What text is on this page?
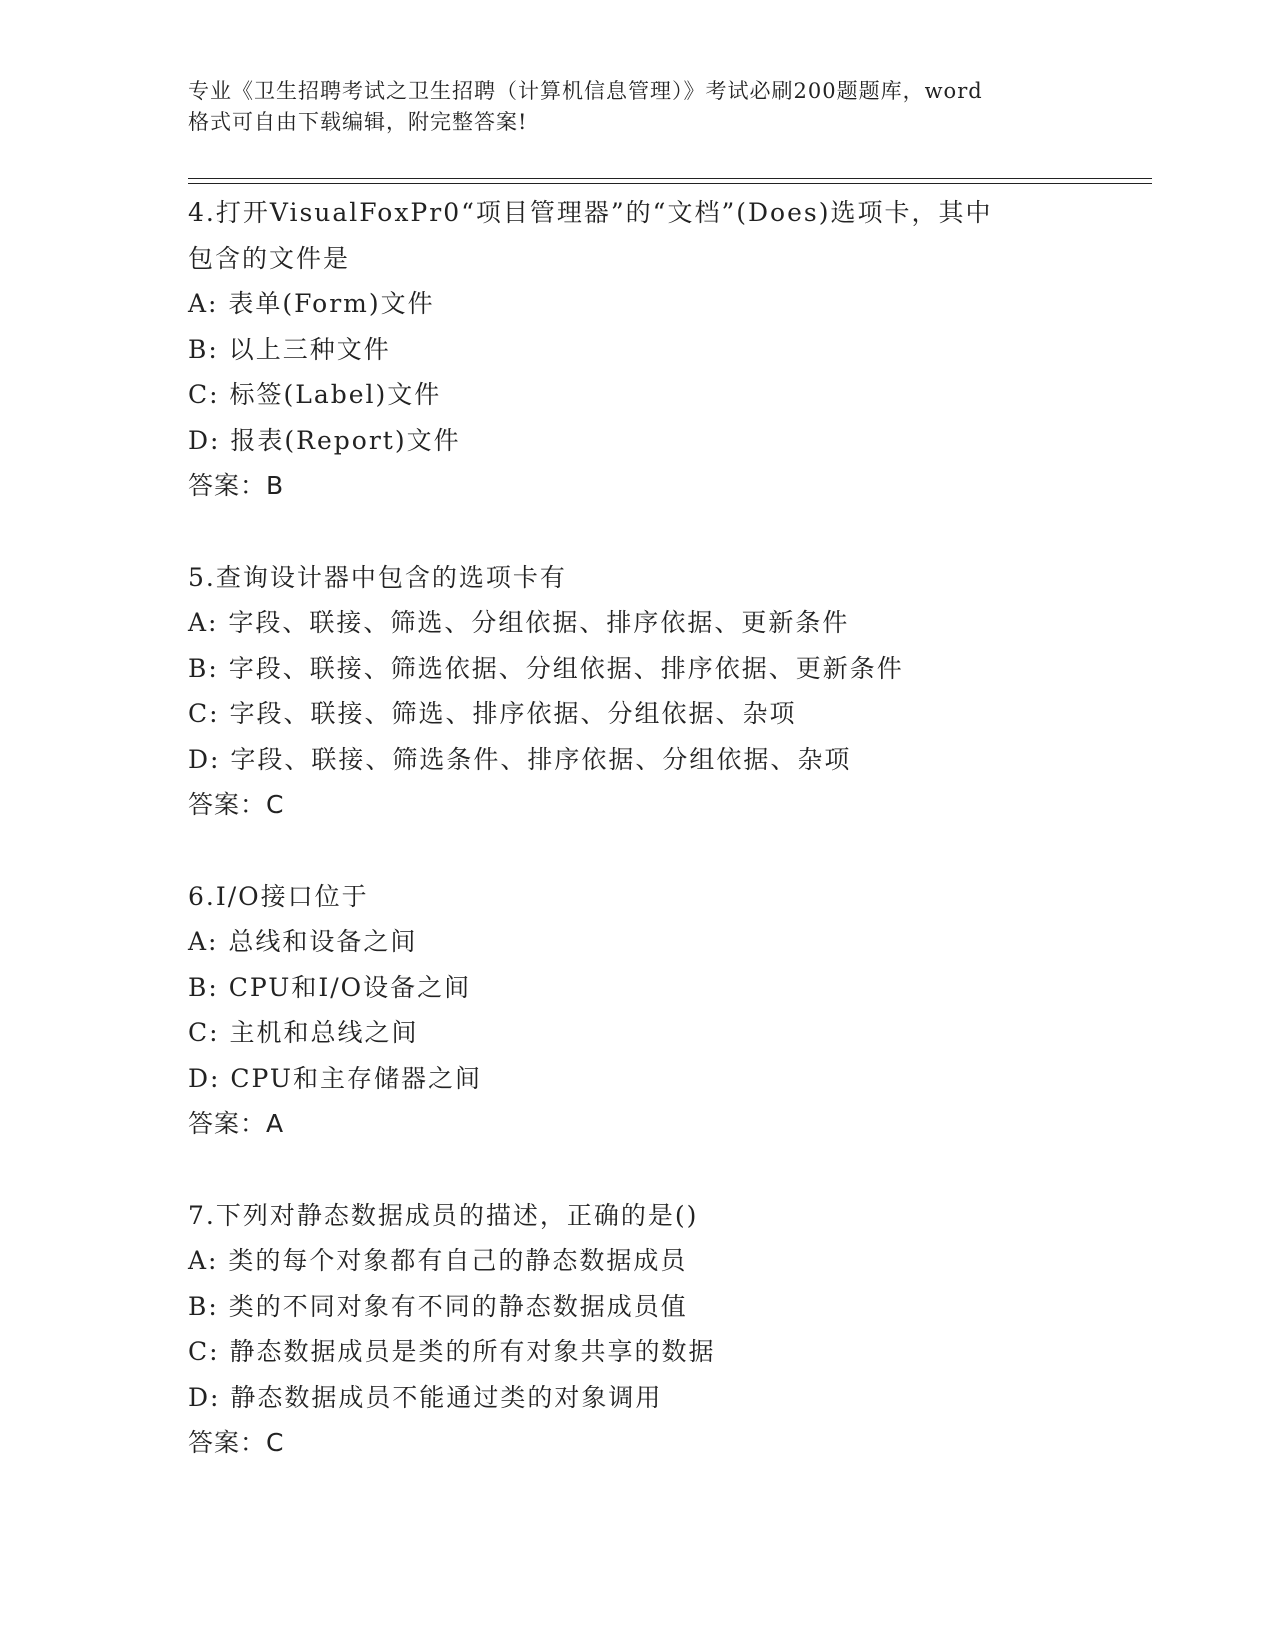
专业《卫生招聘考试之卫生招聘（计算机信息管理）》考试必刷200题题库，word
格式可自由下载编辑，附完整答案!
4.打开VisualFoxPr0“项目管理器”的“文档”(Does)选项卡，其中
包含的文件是
A: 表单(Form)文件
B: 以上三种文件
C: 标签(Label)文件
D: 报表(Report)文件
答案：B
5.查询设计器中包含的选项卡有
A: 字段、联接、筛选、分组依据、排序依据、更新条件
B: 字段、联接、筛选依据、分组依据、排序依据、更新条件
C: 字段、联接、筛选、排序依据、分组依据、杂项
D: 字段、联接、筛选条件、排序依据、分组依据、杂项
答案：C
6.I/O接口位于
A: 总线和设备之间
B: CPU和I/O设备之间
C: 主机和总线之间
D: CPU和主存储器之间
答案：A
7.下列对静态数据成员的描述，正确的是()
A: 类的每个对象都有自己的静态数据成员
B: 类的不同对象有不同的静态数据成员值
C: 静态数据成员是类的所有对象共享的数据
D: 静态数据成员不能通过类的对象调用
答案：C
